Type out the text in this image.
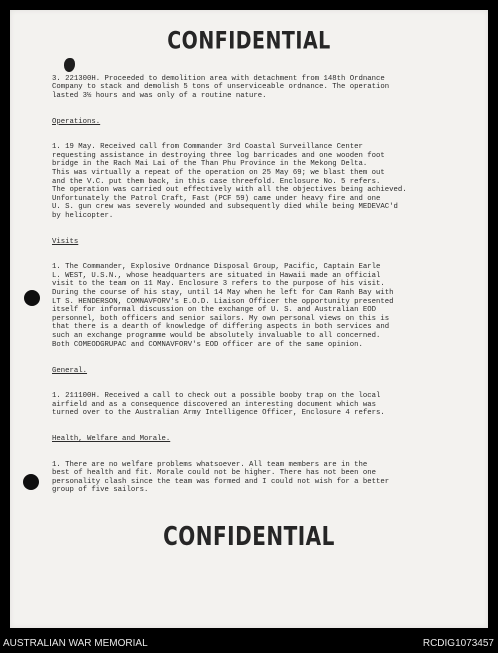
CONFIDENTIAL

3. 221300H. Proceeded to demolition area with detachment from 148th Ordnance
Company to stack and demolish 5 tons of unserviceable ordnance. The operation
lasted 3½ hours and was only of a routine nature.

Operations.

1. 19 May. Received call from Commander 3rd Coastal Surveillance Center
requesting assistance in destroying three log barricades and one wooden foot
bridge in the Rach Mai Lai of the Than Phu Province in the Mekong Delta.
This was virtually a repeat of the operation on 25 May 69; we blast them out
and the V.C. put them back, in this case threefold. Enclosure No. 5 refers.
The operation was carried out effectively with all the objectives being achieved.
Unfortunately the Patrol Craft, Fast (PCF 59) came under heavy fire and one
U. S. gun crew was severely wounded and subsequently died while being MEDEVAC'd
by helicopter.

Visits

1. The Commander, Explosive Ordnance Disposal Group, Pacific, Captain Earle
L. WEST, U.S.N., whose headquarters are situated in Hawaii made an official
visit to the team on 11 May. Enclosure 3 refers to the purpose of his visit.
During the course of his stay, until 14 May when he left for Cam Ranh Bay with
LT S. HENDERSON, COMNAVFORV's E.O.D. Liaison Officer the opportunity presented
itself for informal discussion on the exchange of U. S. and Australian EOD
personnel, both officers and senior sailors. My own personal views on this is
that there is a dearth of knowledge of differing aspects in both services and
such an exchange programme would be absolutely invaluable to all concerned.
Both COMEODGRUPAC and COMNAVFORV's EOD officer are of the same opinion.

General.

1. 211100H. Received a call to check out a possible booby trap on the local
airfield and as a consequence discovered an interesting document which was
turned over to the Australian Army Intelligence Officer, Enclosure 4 refers.

Health, Welfare and Morale.

1. There are no welfare problems whatsoever. All team members are in the
best of health and fit. Morale could not be higher. There has not been one
personality clash since the team was formed and I could not wish for a better
group of five sailors.

CONFIDENTIAL
AUSTRALIAN WAR MEMORIAL	RCDIG1073457
